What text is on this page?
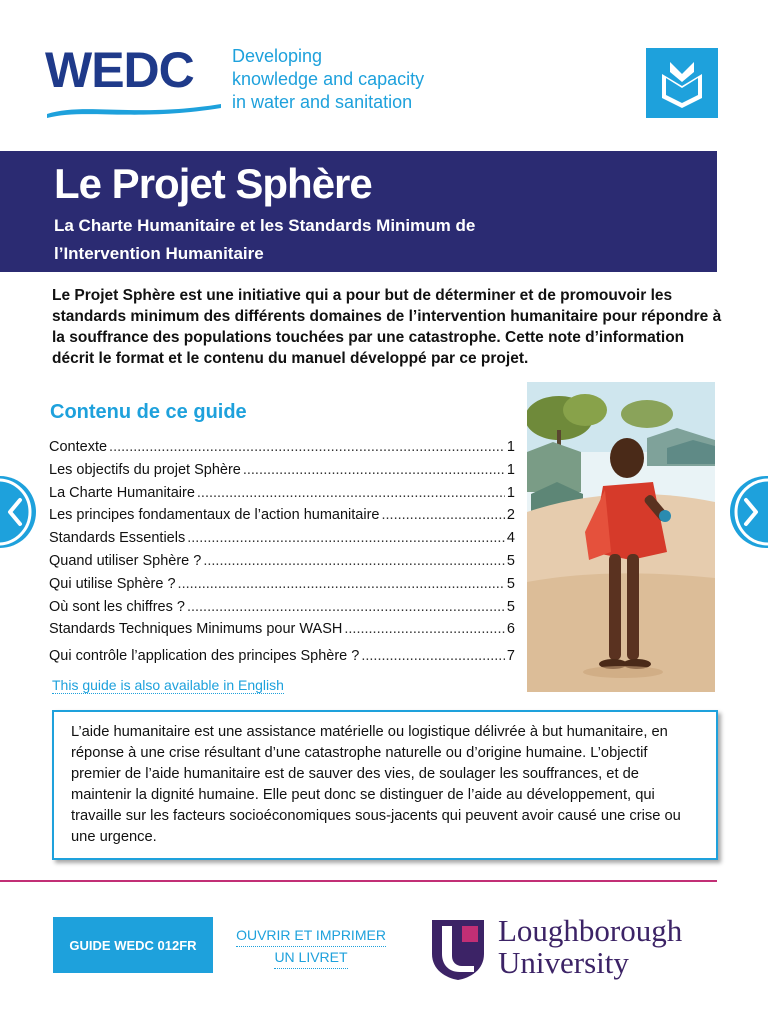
WEDC Developing
knowledge and capacity
in water and sanitation
Le Projet Sphère
La Charte Humanitaire et les Standards Minimum de
l’Intervention Humanitaire
Le Projet Sphère est une initiative qui a pour but de déterminer et de promouvoir les standards minimum des différents domaines de l’intervention humanitaire pour répondre à la souffrance des populations touchées par une catastrophe. Cette note d’information décrit le format et le contenu du manuel développé par ce projet.
Contenu de ce guide
Contexte .....	1
Les objectifs du projet Sphère .....	1
La Charte Humanitaire .....	1
Les principes fondamentaux de l’action humanitaire .....	2
Standards Essentiels .....	4
Quand utiliser Sphère ? .....	5
Qui utilise Sphère ? .....	5
Où sont les chiffres ? .....	5
Standards Techniques Minimums pour WASH .....	6
Qui contrôle l’application des principes Sphère ? .....	7
This guide is also available in English
L’aide humanitaire est une assistance matérielle ou logistique délivrée à but humanitaire, en réponse à une crise résultant d’une catastrophe naturelle ou d’origine humaine. L’objectif premier de l’aide humanitaire est de sauver des vies, de soulager les souffrances, et de maintenir la dignité humaine. Elle peut donc se distinguer de l’aide au développement, qui travaille sur les facteurs socioéconomiques sous-jacents qui peuvent avoir causé une crise ou une urgence.
GUIDE WEDC 012FR
OUVRIR ET IMPRIMER
UN LIVRET
Loughborough
University
